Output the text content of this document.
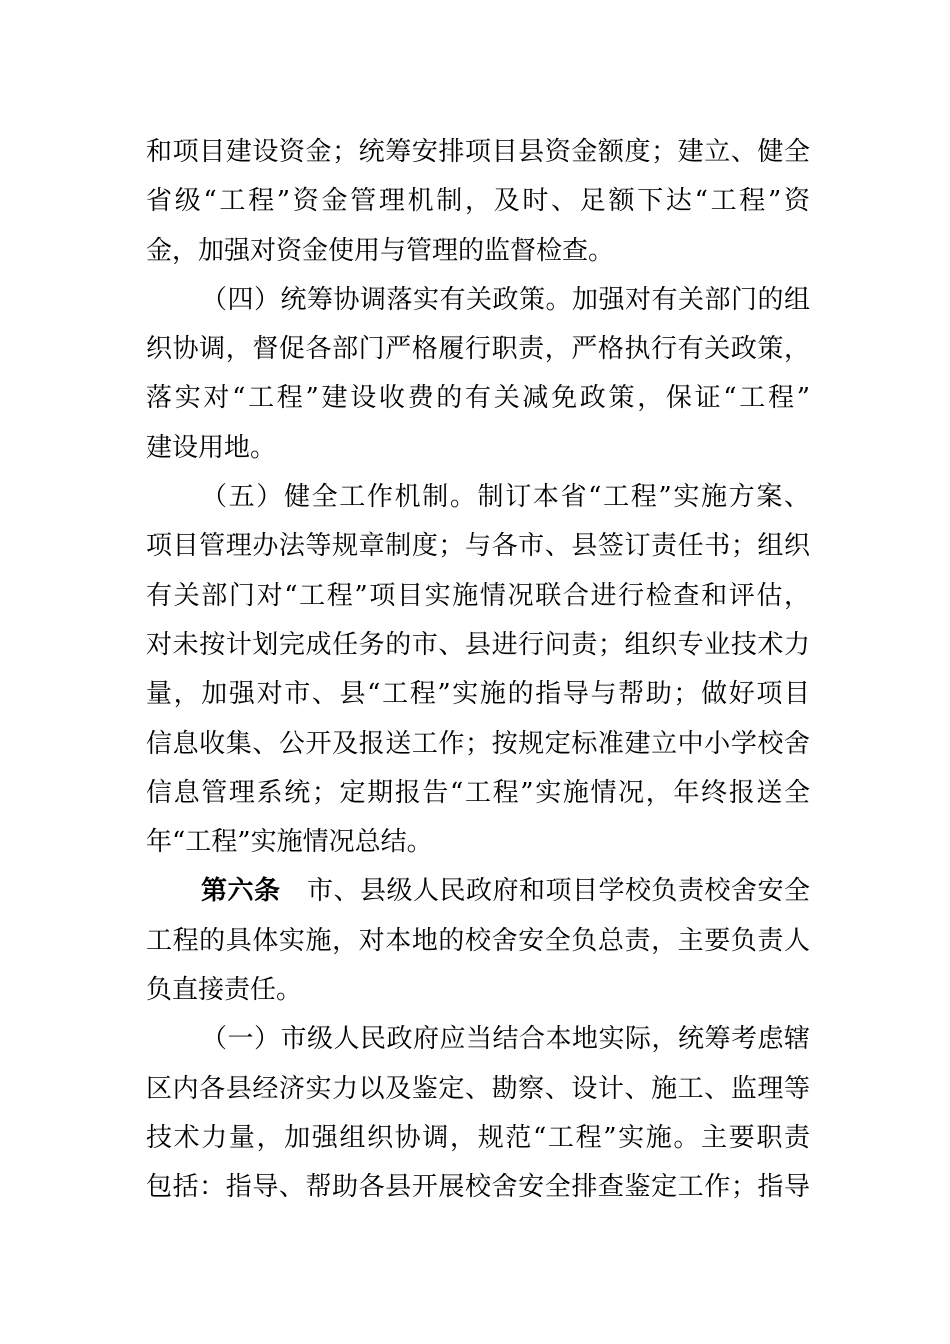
和项目建设资金；统筹安排项目县资金额度；建立、健全
省级“工程”资金管理机制，及时、足额下达“工程”资
金，加强对资金使用与管理的监督检查。
（四）统筹协调落实有关政策。加强对有关部门的组
织协调，督促各部门严格履行职责，严格执行有关政策，
落实对“工程”建设收费的有关减免政策，保证“工程”
建设用地。
（五）健全工作机制。制订本省“工程”实施方案、
项目管理办法等规章制度；与各市、县签订责任书；组织
有关部门对“工程”项目实施情况联合进行检查和评估，
对未按计划完成任务的市、县进行问责；组织专业技术力
量，加强对市、县“工程”实施的指导与帮助；做好项目
信息收集、公开及报送工作；按规定标准建立中小学校舍
信息管理系统；定期报告“工程”实施情况，年终报送全
年“工程”实施情况总结。
第六条　市、县级人民政府和项目学校负责校舍安全
工程的具体实施，对本地的校舍安全负总责，主要负责人
负直接责任。
（一）市级人民政府应当结合本地实际，统筹考虑辖
区内各县经济实力以及鉴定、勘察、设计、施工、监理等
技术力量，加强组织协调，规范“工程”实施。主要职责
包括：指导、帮助各县开展校舍安全排查鉴定工作；指导
